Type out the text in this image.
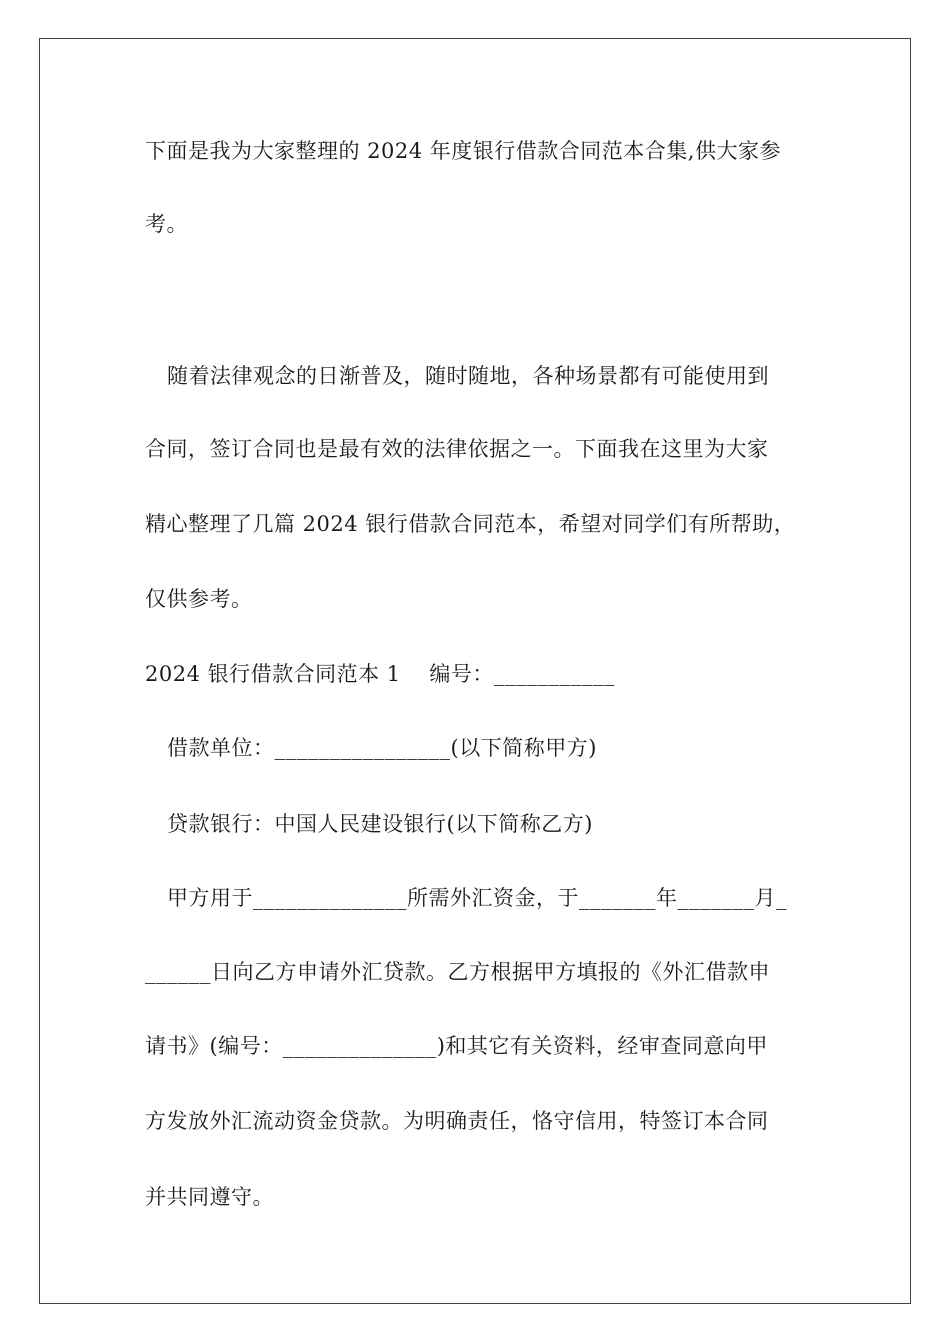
下面是我为大家整理的 2024 年度银行借款合同范本合集,供大家参
考。
随着法律观念的日渐普及，随时随地，各种场景都有可能使用到
合同，签订合同也是最有效的法律依据之一。下面我在这里为大家
精心整理了几篇 2024 银行借款合同范本，希望对同学们有所帮助，
仅供参考。
2024 银行借款合同范本 1    编号：___________
借款单位：________________(以下简称甲方)
贷款银行：中国人民建设银行(以下简称乙方)
甲方用于______________所需外汇资金，于_______年_______月_
______日向乙方申请外汇贷款。乙方根据甲方填报的《外汇借款申
请书》(编号：______________)和其它有关资料，经审查同意向甲
方发放外汇流动资金贷款。为明确责任，恪守信用，特签订本合同
并共同遵守。
